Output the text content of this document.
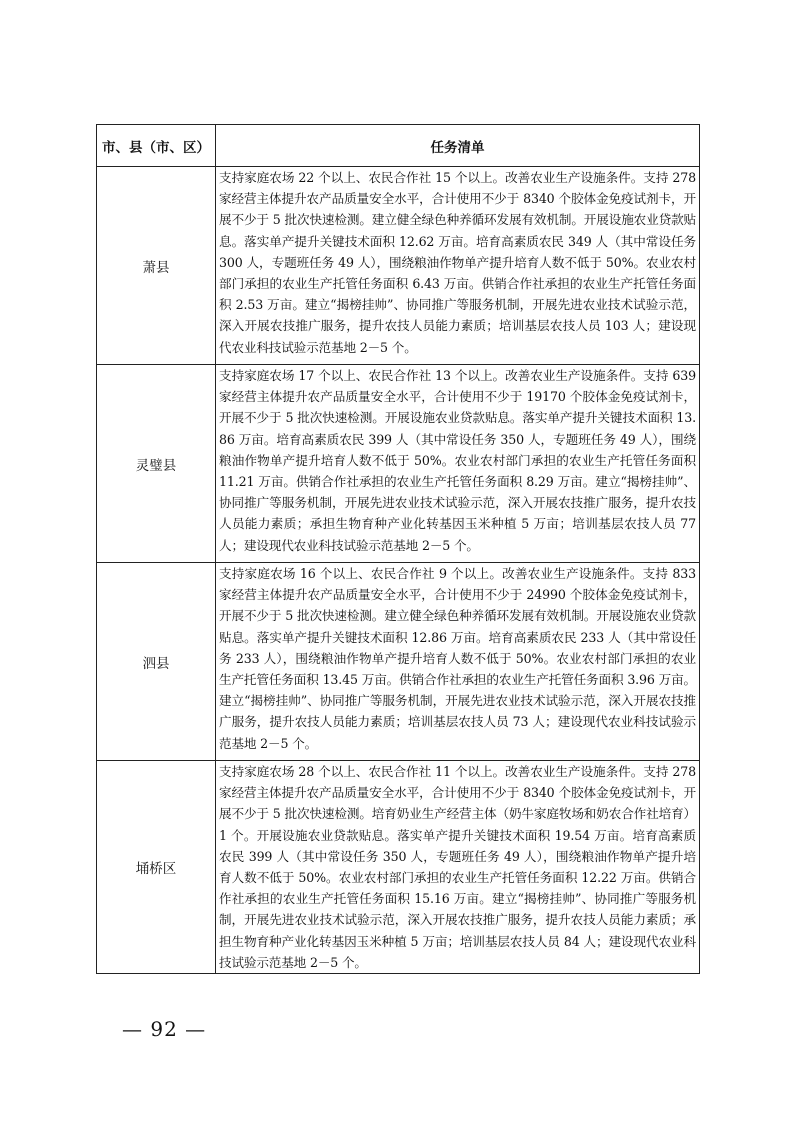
市、县（市、区）	任务清单
萧县	支持家庭农场 22 个以上、农民合作社 15 个以上。改善农业生产设施条件。支持 278 家经营主体提升农产品质量安全水平，合计使用不少于 8340 个胶体金免疫试剂卡，开展不少于 5 批次快速检测。建立健全绿色种养循环发展有效机制。开展设施农业贷款贴息。落实单产提升关键技术面积 12.62 万亩。培育高素质农民 349 人（其中常设任务 300 人，专题班任务 49 人），围绕粮油作物单产提升培育人数不低于 50%。农业农村部门承担的农业生产托管任务面积 6.43 万亩。供销合作社承担的农业生产托管任务面积 2.53 万亩。建立“揭榜挂帅”、协同推广等服务机制，开展先进农业技术试验示范，深入开展农技推广服务，提升农技人员能力素质；培训基层农技人员 103 人；建设现代农业科技试验示范基地 2－5 个。
灵璧县	支持家庭农场 17 个以上、农民合作社 13 个以上。改善农业生产设施条件。支持 639 家经营主体提升农产品质量安全水平，合计使用不少于 19170 个胶体金免疫试剂卡，开展不少于 5 批次快速检测。开展设施农业贷款贴息。落实单产提升关键技术面积 13.86 万亩。培育高素质农民 399 人（其中常设任务 350 人，专题班任务 49 人），围绕粮油作物单产提升培育人数不低于 50%。农业农村部门承担的农业生产托管任务面积 11.21 万亩。供销合作社承担的农业生产托管任务面积 8.29 万亩。建立“揭榜挂帅”、协同推广等服务机制，开展先进农业技术试验示范，深入开展农技推广服务，提升农技人员能力素质；承担生物育种产业化转基因玉米种植 5 万亩；培训基层农技人员 77 人；建设现代农业科技试验示范基地 2－5 个。
泗县	支持家庭农场 16 个以上、农民合作社 9 个以上。改善农业生产设施条件。支持 833 家经营主体提升农产品质量安全水平，合计使用不少于 24990 个胶体金免疫试剂卡，开展不少于 5 批次快速检测。建立健全绿色种养循环发展有效机制。开展设施农业贷款贴息。落实单产提升关键技术面积 12.86 万亩。培育高素质农民 233 人（其中常设任务 233 人），围绕粮油作物单产提升培育人数不低于 50%。农业农村部门承担的农业生产托管任务面积 13.45 万亩。供销合作社承担的农业生产托管任务面积 3.96 万亩。建立“揭榜挂帅”、协同推广等服务机制，开展先进农业技术试验示范，深入开展农技推广服务，提升农技人员能力素质；培训基层农技人员 73 人；建设现代农业科技试验示范基地 2－5 个。
埇桥区	支持家庭农场 28 个以上、农民合作社 11 个以上。改善农业生产设施条件。支持 278 家经营主体提升农产品质量安全水平，合计使用不少于 8340 个胶体金免疫试剂卡，开展不少于 5 批次快速检测。培育奶业生产经营主体（奶牛家庭牧场和奶农合作社培育）1 个。开展设施农业贷款贴息。落实单产提升关键技术面积 19.54 万亩。培育高素质农民 399 人（其中常设任务 350 人，专题班任务 49 人），围绕粮油作物单产提升培育人数不低于 50%。农业农村部门承担的农业生产托管任务面积 12.22 万亩。供销合作社承担的农业生产托管任务面积 15.16 万亩。建立“揭榜挂帅”、协同推广等服务机制，开展先进农业技术试验示范，深入开展农技推广服务，提升农技人员能力素质；承担生物育种产业化转基因玉米种植 5 万亩；培训基层农技人员 84 人；建设现代农业科技试验示范基地 2－5 个。
— 92 —
